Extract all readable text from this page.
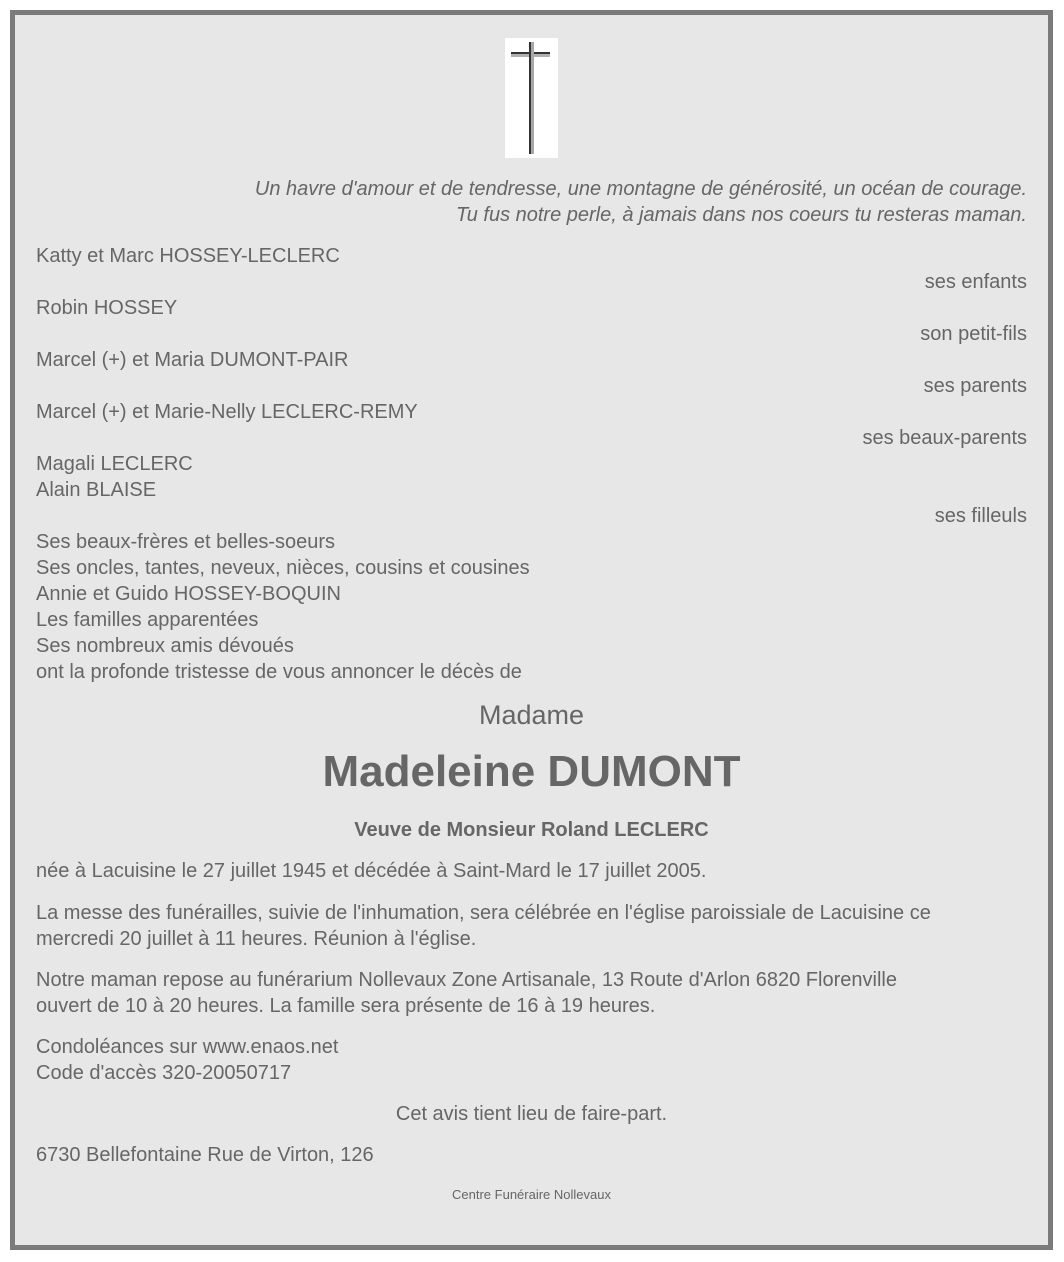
Un havre d'amour et de tendresse, une montagne de générosité, un océan de courage.
Tu fus notre perle, à jamais dans nos coeurs tu resteras maman.
Katty et Marc HOSSEY-LECLERC
ses enfants
Robin HOSSEY
son petit-fils
Marcel (+) et Maria DUMONT-PAIR
ses parents
Marcel (+) et Marie-Nelly LECLERC-REMY
ses beaux-parents
Magali LECLERC
Alain BLAISE
ses filleuls
Ses beaux-frères et belles-soeurs
Ses oncles, tantes, neveux, nièces, cousins et cousines
Annie et Guido HOSSEY-BOQUIN
Les familles apparentées
Ses nombreux amis dévoués
ont la profonde tristesse de vous annoncer le décès de
Madame
Madeleine DUMONT
Veuve de Monsieur Roland LECLERC
née à Lacuisine le 27 juillet 1945 et décédée à Saint-Mard le 17 juillet 2005.
La messe des funérailles, suivie de l'inhumation, sera célébrée en l'église paroissiale de Lacuisine ce
mercredi 20 juillet à 11 heures. Réunion à l'église.
Notre maman repose au funérarium Nollevaux Zone Artisanale, 13 Route d'Arlon 6820 Florenville
ouvert de 10 à 20 heures. La famille sera présente de 16 à 19 heures.
Condoléances sur www.enaos.net
Code d'accès 320-20050717
Cet avis tient lieu de faire-part.
6730 Bellefontaine Rue de Virton, 126
Centre Funéraire Nollevaux
